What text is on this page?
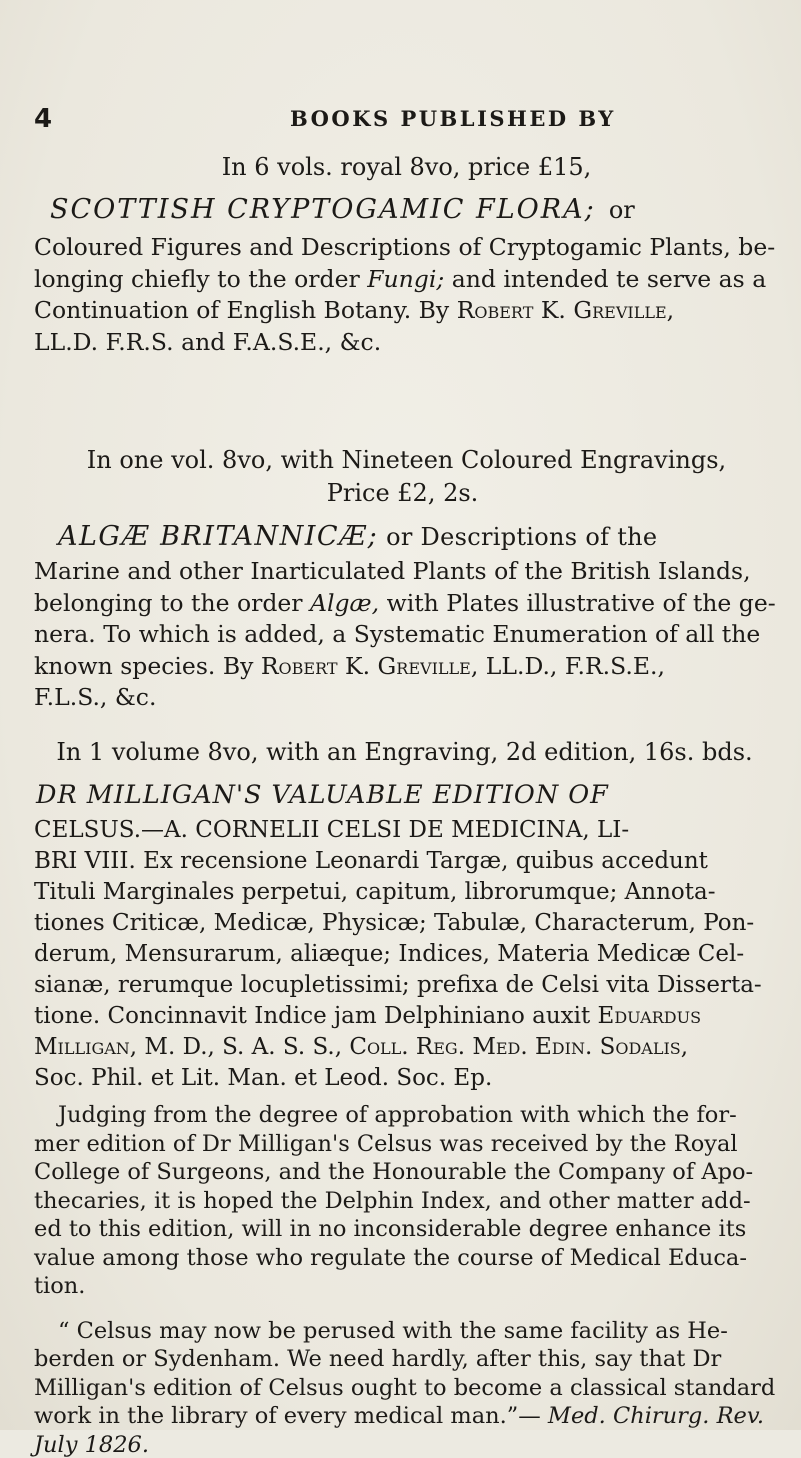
4	BOOKS PUBLISHED BY
In 6 vols. royal 8vo, price £15,
SCOTTISH CRYPTOGAMIC FLORA; or
Coloured Figures and Descriptions of Cryptogamic Plants, be-
longing chiefly to the order Fungi; and intended te serve as a
Continuation of English Botany. By Robert K. Greville,
LL.D. F.R.S. and F.A.S.E., &c.
In one vol. 8vo, with Nineteen Coloured Engravings,
Price £2, 2s.
ALGÆ BRITANNICÆ; or Descriptions of the
Marine and other Inarticulated Plants of the British Islands,
belonging to the order Algæ, with Plates illustrative of the ge-
nera. To which is added, a Systematic Enumeration of all the
known species. By Robert K. Greville, LL.D., F.R.S.E.,
F.L.S., &c.
In 1 volume 8vo, with an Engraving, 2d edition, 16s. bds.
DR MILLIGAN'S VALUABLE EDITION OF
CELSUS.—A. CORNELII CELSI DE MEDICINA, LI-
BRI VIII. Ex recensione Leonardi Targæ, quibus accedunt
Tituli Marginales perpetui, capitum, librorumque; Annota-
tiones Criticæ, Medicæ, Physicæ; Tabulæ, Characterum, Pon-
derum, Mensurarum, aliæque; Indices, Materia Medicæ Cel-
sianæ, rerumque locupletissimi; prefixa de Celsi vita Disserta-
tione. Concinnavit Indice jam Delphiniano auxit Eduardus
Milligan, M. D., S. A. S. S., Coll. Reg. Med. Edin. Sodalis,
Soc. Phil. et Lit. Man. et Leod. Soc. Ep.
Judging from the degree of approbation with which the for-
mer edition of Dr Milligan's Celsus was received by the Royal
College of Surgeons, and the Honourable the Company of Apo-
thecaries, it is hoped the Delphin Index, and other matter add-
ed to this edition, will in no inconsiderable degree enhance its
value among those who regulate the course of Medical Educa-
tion.
“ Celsus may now be perused with the same facility as He-
berden or Sydenham. We need hardly, after this, say that Dr
Milligan's edition of Celsus ought to become a classical standard
work in the library of every medical man.”— Med. Chirurg. Rev.
July 1826.
